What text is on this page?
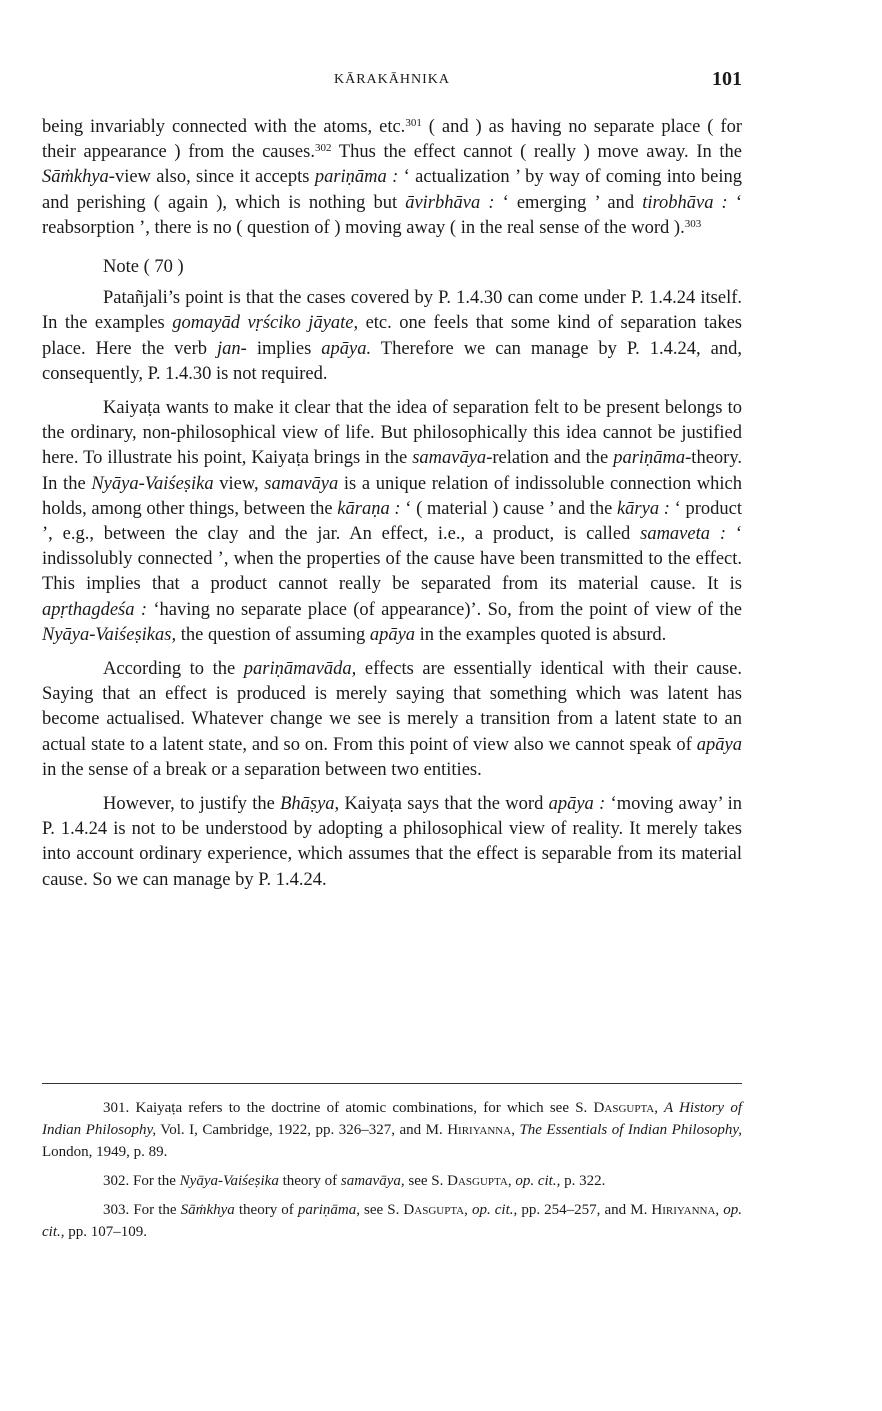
KĀRAKĀHNIKA	101

being invariably connected with the atoms, etc.$^{301}$ ( and ) as having no separate place ( for their appearance ) from the causes.$^{302}$ Thus the effect cannot ( really ) move away. In the Sāṁkhya-view also, since it accepts pariṇāma : ‘ actualization ’ by way of coming into being and perishing ( again ), which is nothing but āvirbhāva : ‘ emerging ’ and tirobhāva : ‘ reabsorption ’, there is no ( question of ) moving away ( in the real sense of the word ).$^{303}$

Note ( 70 )

Patañjali’s point is that the cases covered by P. 1.4.30 can come under P. 1.4.24 itself. In the examples gomayād vṛściko jāyate, etc. one feels that some kind of separation takes place. Here the verb jan- implies apāya. Therefore we can manage by P. 1.4.24, and, consequently, P. 1.4.30 is not required.

Kaiyaṭa wants to make it clear that the idea of separation felt to be present belongs to the ordinary, non-philosophical view of life. But philosophically this idea cannot be justified here. To illustrate his point, Kaiyaṭa brings in the samavāya-relation and the pariṇāma-theory. In the Nyāya-Vaiśeṣika view, samavāya is a unique relation of indissoluble connection which holds, among other things, between the kāraṇa : ‘ ( material ) cause ’ and the kārya : ‘ product ’, e.g., between the clay and the jar. An effect, i.e., a product, is called samaveta : ‘ indissolubly connected ’, when the properties of the cause have been transmitted to the effect. This implies that a product cannot really be separated from its material cause. It is apṛthagdeśa : ‘having no separate place (of appearance)’. So, from the point of view of the Nyāya-Vaiśeṣikas, the question of assuming apāya in the examples quoted is absurd.

According to the pariṇāmavāda, effects are essentially identical with their cause. Saying that an effect is produced is merely saying that something which was latent has become actualised. Whatever change we see is merely a transition from a latent state to an actual state to a latent state, and so on. From this point of view also we cannot speak of apāya in the sense of a break or a separation between two entities.

However, to justify the Bhāṣya, Kaiyaṭa says that the word apāya : ‘moving away’ in P. 1.4.24 is not to be understood by adopting a philosophical view of reality. It merely takes into account ordinary experience, which assumes that the effect is separable from its material cause. So we can manage by P. 1.4.24.

301. Kaiyaṭa refers to the doctrine of atomic combinations, for which see S. Dasgupta, A History of Indian Philosophy, Vol. I, Cambridge, 1922, pp. 326–327, and M. Hiriyanna, The Essentials of Indian Philosophy, London, 1949, p. 89.

302. For the Nyāya-Vaiśeṣika theory of samavāya, see S. Dasgupta, op. cit., p. 322.

303. For the Sāṁkhya theory of pariṇāma, see S. Dasgupta, op. cit., pp. 254–257, and M. Hiriyanna, op. cit., pp. 107–109.
